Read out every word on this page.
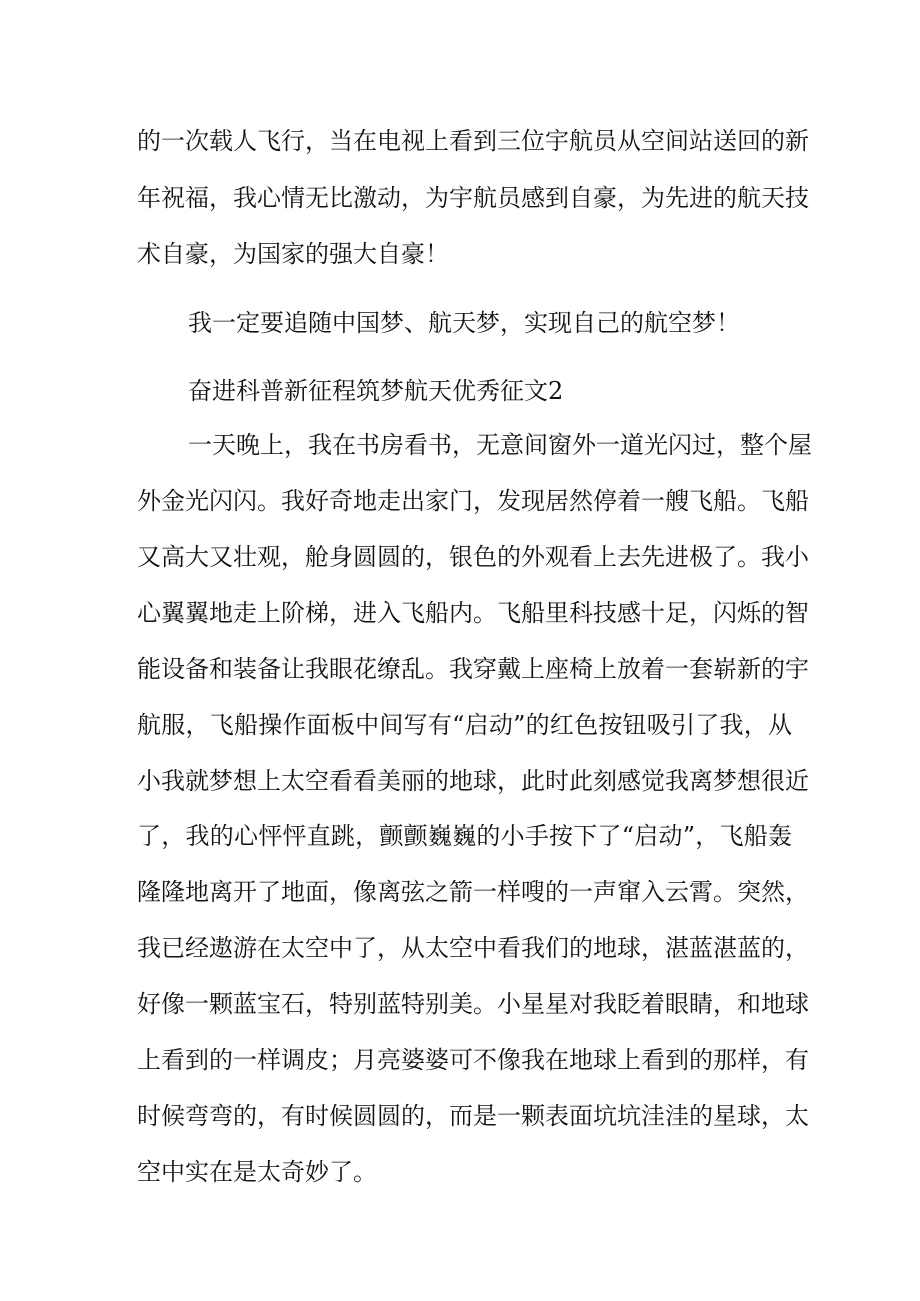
的一次载人飞行，当在电视上看到三位宇航员从空间站送回的新
年祝福，我心情无比激动，为宇航员感到自豪，为先进的航天技
术自豪，为国家的强大自豪！
我一定要追随中国梦、航天梦，实现自己的航空梦！
奋进科普新征程筑梦航天优秀征文2
一天晚上，我在书房看书，无意间窗外一道光闪过，整个屋
外金光闪闪。我好奇地走出家门，发现居然停着一艘飞船。飞船
又高大又壮观，舱身圆圆的，银色的外观看上去先进极了。我小
心翼翼地走上阶梯，进入飞船内。飞船里科技感十足，闪烁的智
能设备和装备让我眼花缭乱。我穿戴上座椅上放着一套崭新的宇
航服，飞船操作面板中间写有“启动”的红色按钮吸引了我，从
小我就梦想上太空看看美丽的地球，此时此刻感觉我离梦想很近
了，我的心怦怦直跳，颤颤巍巍的小手按下了“启动”，飞船轰
隆隆地离开了地面，像离弦之箭一样嗖的一声窜入云霄。突然，
我已经遨游在太空中了，从太空中看我们的地球，湛蓝湛蓝的，
好像一颗蓝宝石，特别蓝特别美。小星星对我眨着眼睛，和地球
上看到的一样调皮；月亮婆婆可不像我在地球上看到的那样，有
时候弯弯的，有时候圆圆的，而是一颗表面坑坑洼洼的星球，太
空中实在是太奇妙了。
